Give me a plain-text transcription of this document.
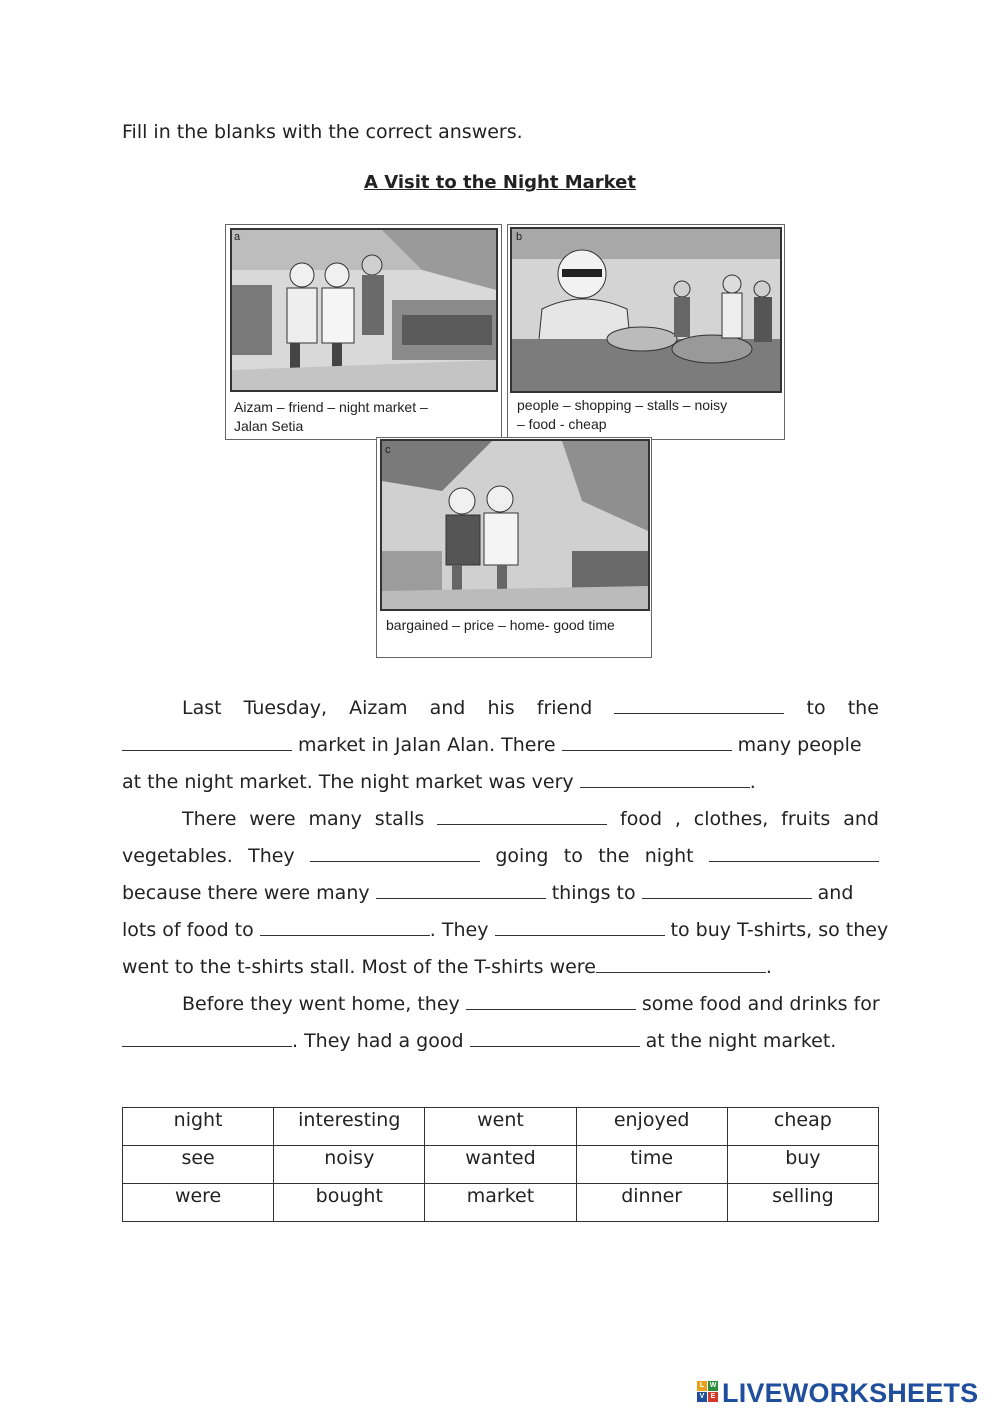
Fill in the blanks with the correct answers.
A Visit to the Night Market
a
Aizam – friend – night market –
Jalan Setia
b
people – shopping – stalls – noisy
– food - cheap
c
bargained – price – home- good time
Last Tuesday, Aizam and his friend	to the
market in Jalan Alan. There	many people
at the night market. The night market was very	.
There were many stalls	food , clothes, fruits and
vegetables. They	going to the night
because there were many	things to	and
lots of food to	. They	to buy T-shirts, so they
went to the t-shirts stall. Most of the T-shirts were	.
Before they went home, they	some food and drinks for
. They had a good	at the night market.
night	interesting	went	enjoyed	cheap
see	noisy	wanted	time	buy
were	bought	market	dinner	selling
L W
V E LIVEWORKSHEETS
